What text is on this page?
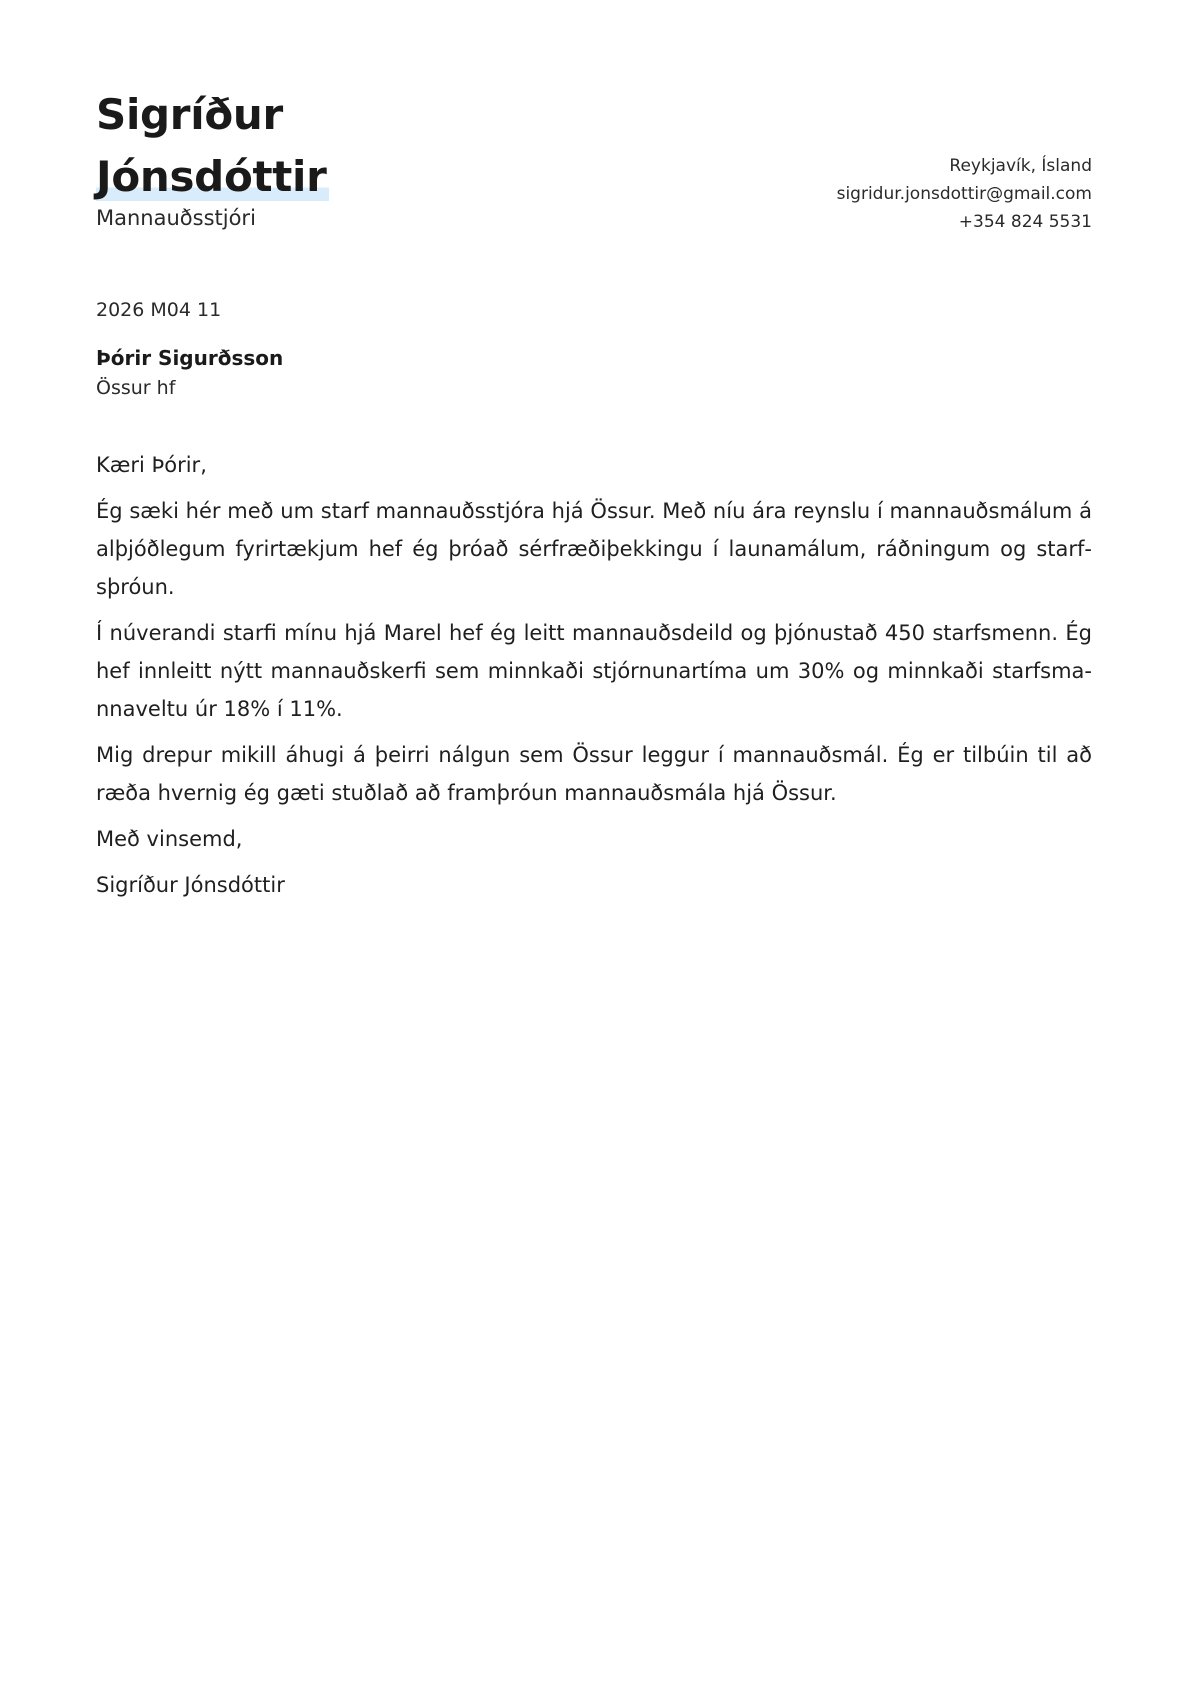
Sigríður
Jónsdóttir
Mannauðsstjóri
Reykjavík, Ísland
sigridur.jonsdottir@gmail.com
+354 824 5531
2026 M04 11
Þórir Sigurðsson
Össur hf

Kæri Þórir,

Ég sæki hér með um starf mannauðsstjóra hjá Össur. Með níu ára reynslu í mannauðsmálum á alþjóðlegum fyrirtækjum hef ég þróað sérfræðiþekkingu í launamálum, ráðningum og starfsþróun.

Í núverandi starfi mínu hjá Marel hef ég leitt mannauðsdeild og þjónustað 450 starfsmenn. Ég hef innleitt nýtt mannauðskerfi sem minnkaði stjórnunartíma um 30% og minnkaði starfsmannaveltu úr 18% í 11%.

Mig drepur mikill áhugi á þeirri nálgun sem Össur leggur í mannauðsmál. Ég er tilbúin til að ræða hvernig ég gæti stuðlað að framþróun mannauðsmála hjá Össur.

Með vinsemd,

Sigríður Jónsdóttir
